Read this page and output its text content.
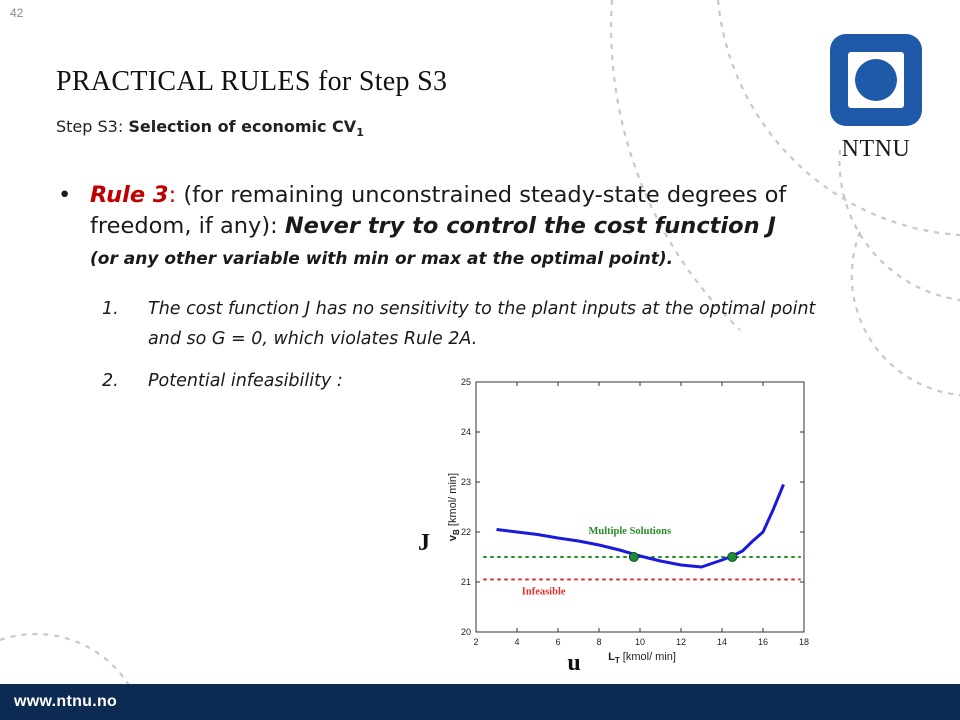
42
PRACTICAL RULES for Step S3
Step S3: Selection of economic $CV_1$
NTNU
• Rule 3: (for remaining unconstrained steady-state degrees of freedom, if any): Never try to control the cost function J
(or any other variable with min or max at the optimal point).
1. The cost function J has no sensitivity to the plant inputs at the optimal point and so G = 0, which violates Rule 2A.
2. Potential infeasibility :
2	4	6	8	10	12	14	16	18
20
21
22
23
24
25
Multiple Solutions
Infeasible
$v_B$ [kmol/ min]
$L_T$ [kmol/ min]
J
u
www.ntnu.no
